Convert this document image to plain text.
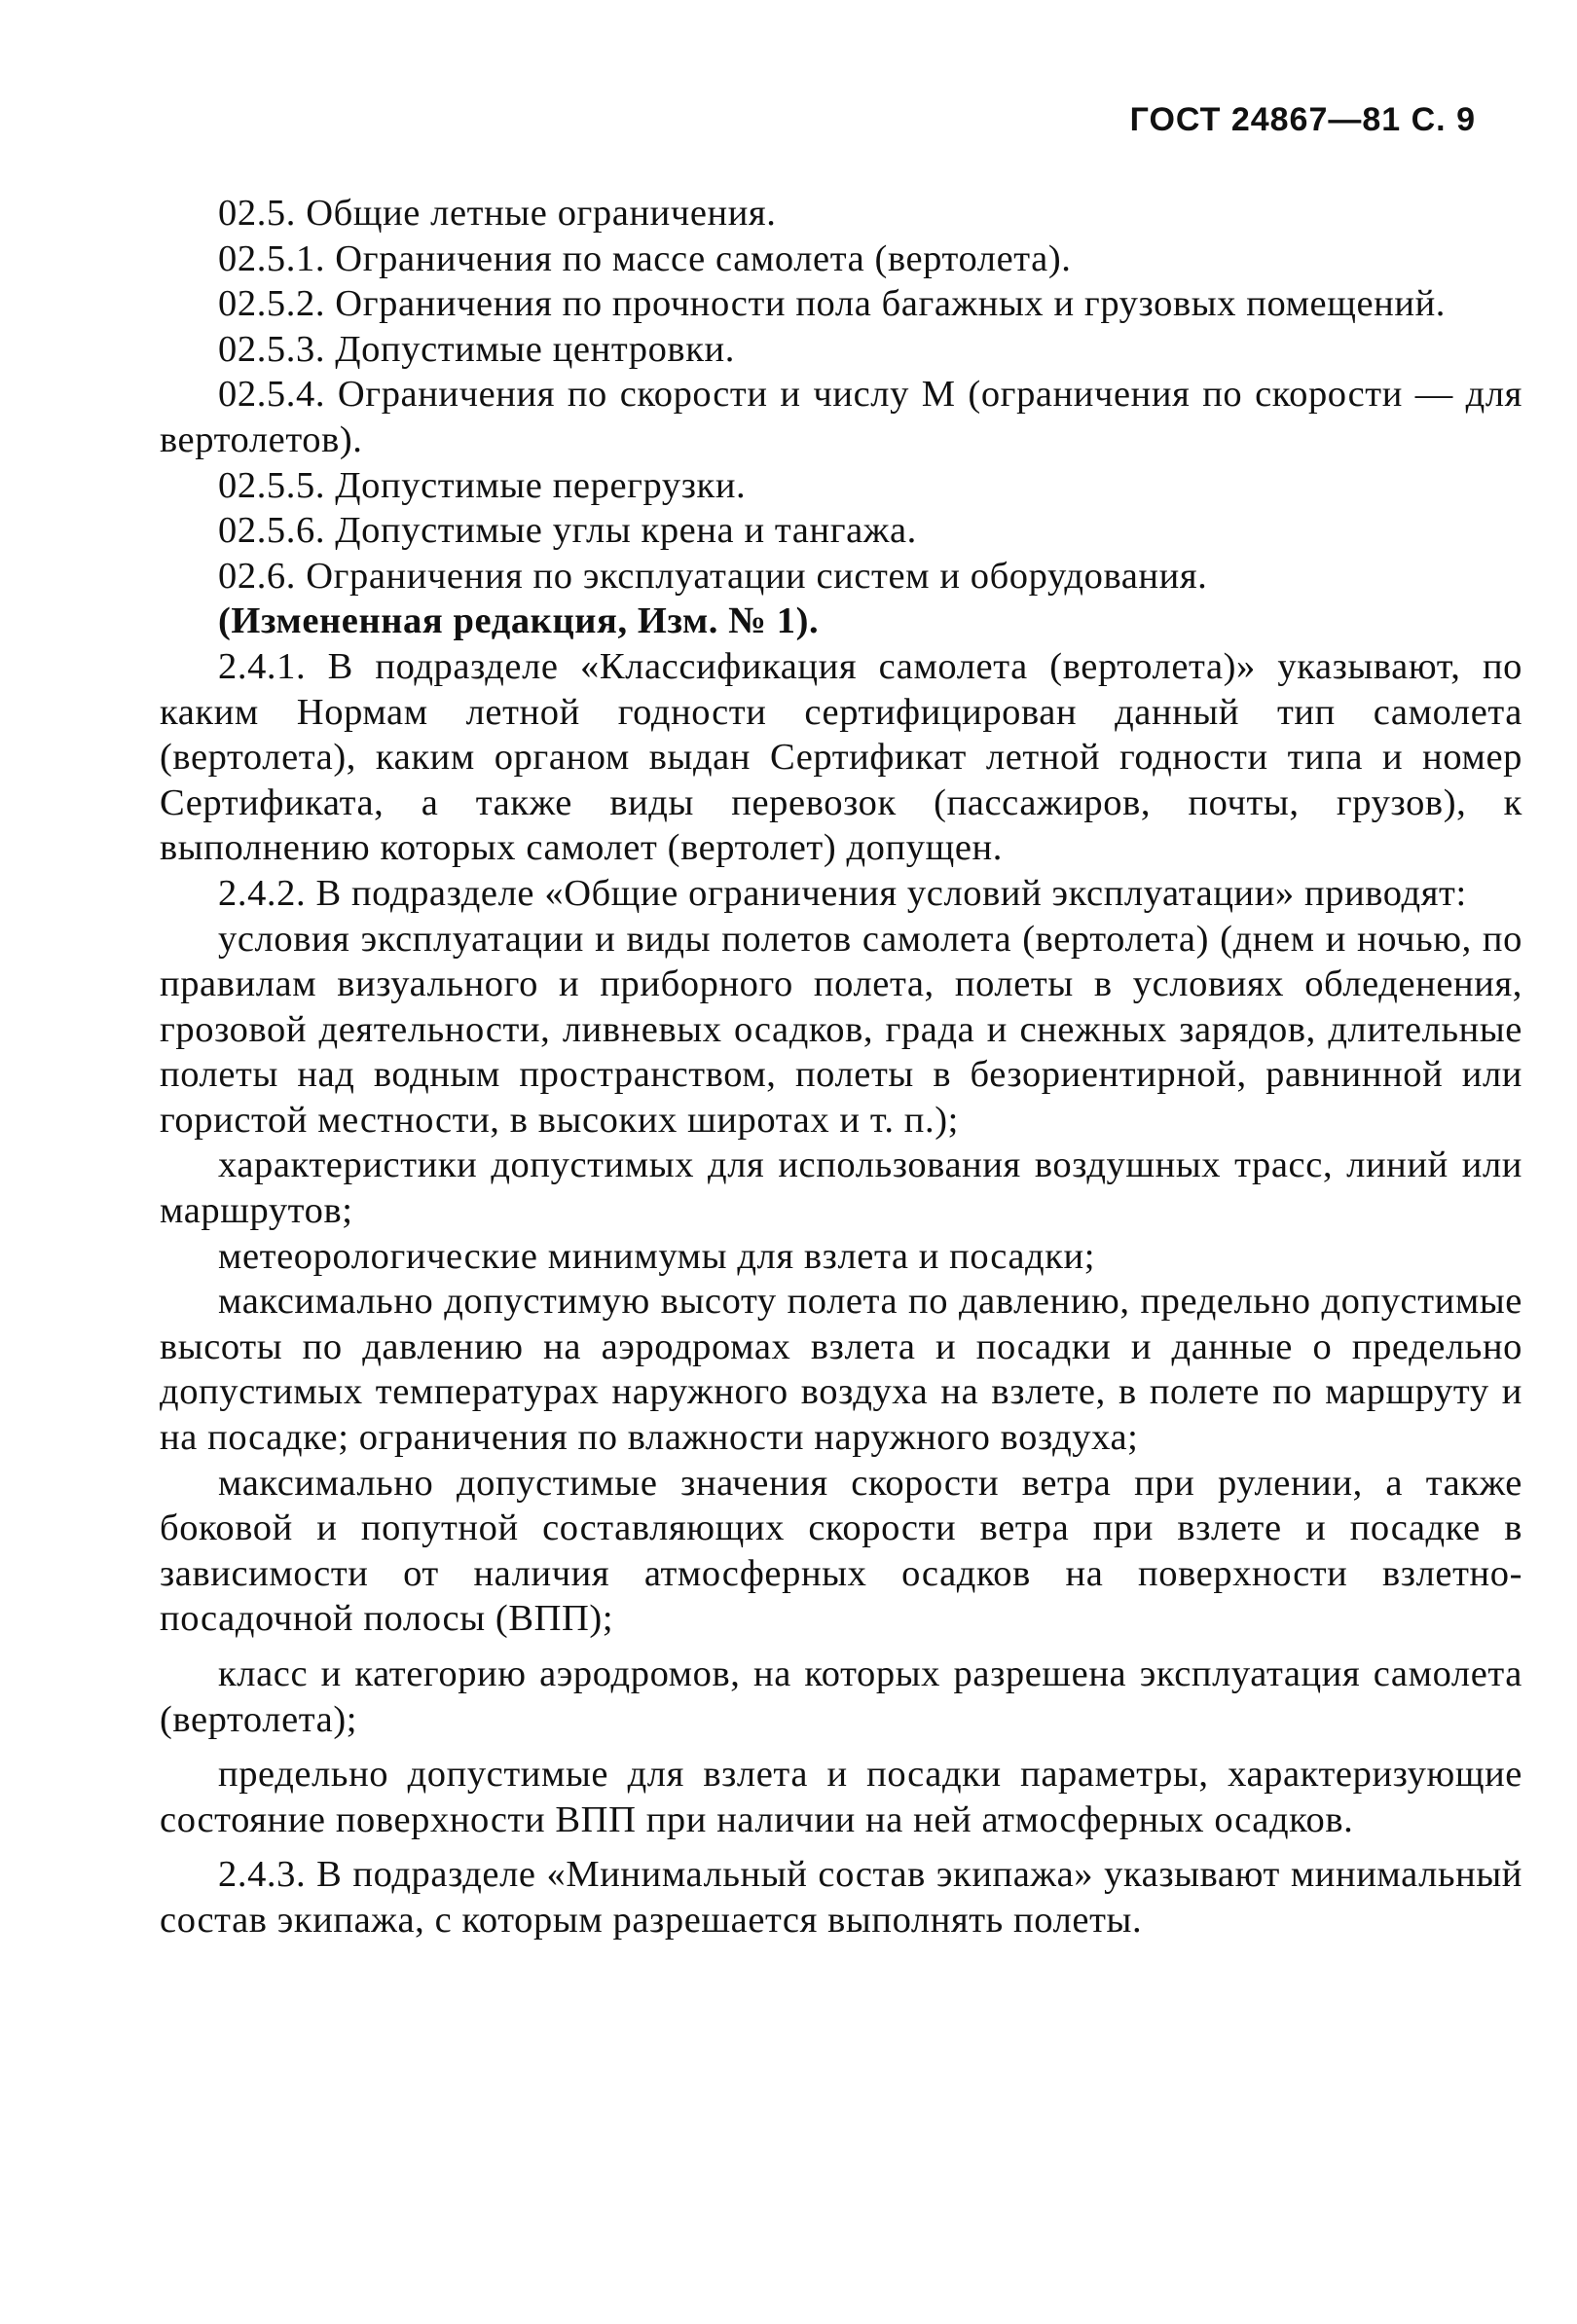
ГОСТ 24867—81 С. 9

02.5. Общие летные ограничения.

02.5.1. Ограничения по массе самолета (вертолета).

02.5.2. Ограничения по прочности пола багажных и грузовых помещений.

02.5.3. Допустимые центровки.

02.5.4. Ограничения по скорости и числу М (ограничения по скорости — для вертолетов).

02.5.5. Допустимые перегрузки.

02.5.6. Допустимые углы крена и тангажа.

02.6. Ограничения по эксплуатации систем и оборудования.

(Измененная редакция, Изм. № 1).

2.4.1. В подразделе «Классификация самолета (вертолета)» указывают, по каким Нормам летной годности сертифицирован данный тип самолета (вертолета), каким органом выдан Сертификат летной годности типа и номер Сертификата, а также виды перевозок (пассажиров, почты, грузов), к выполнению которых самолет (вертолет) допущен.

2.4.2. В подразделе «Общие ограничения условий эксплуатации» приводят:

условия эксплуатации и виды полетов самолета (вертолета) (днем и ночью, по правилам визуального и приборного полета, полеты в условиях обледенения, грозовой деятельности, ливневых осадков, града и снежных зарядов, длительные полеты над водным пространством, полеты в безориентирной, равнинной или гористой местности, в высоких широтах и т. п.);

характеристики допустимых для использования воздушных трасс, линий или маршрутов;

метеорологические минимумы для взлета и посадки;

максимально допустимую высоту полета по давлению, предельно допустимые высоты по давлению на аэродромах взлета и посадки и данные о предельно допустимых температурах наружного воздуха на взлете, в полете по маршруту и на посадке; ограничения по влажности наружного воздуха;

максимально допустимые значения скорости ветра при рулении, а также боковой и попутной составляющих скорости ветра при взлете и посадке в зависимости от наличия атмосферных осадков на поверхности взлетно-посадочной полосы (ВПП);

класс и категорию аэродромов, на которых разрешена эксплуатация самолета (вертолета);

предельно допустимые для взлета и посадки параметры, характеризующие состояние поверхности ВПП при наличии на ней атмосферных осадков.

2.4.3. В подразделе «Минимальный состав экипажа» указывают минимальный состав экипажа, с которым разрешается выполнять полеты.
